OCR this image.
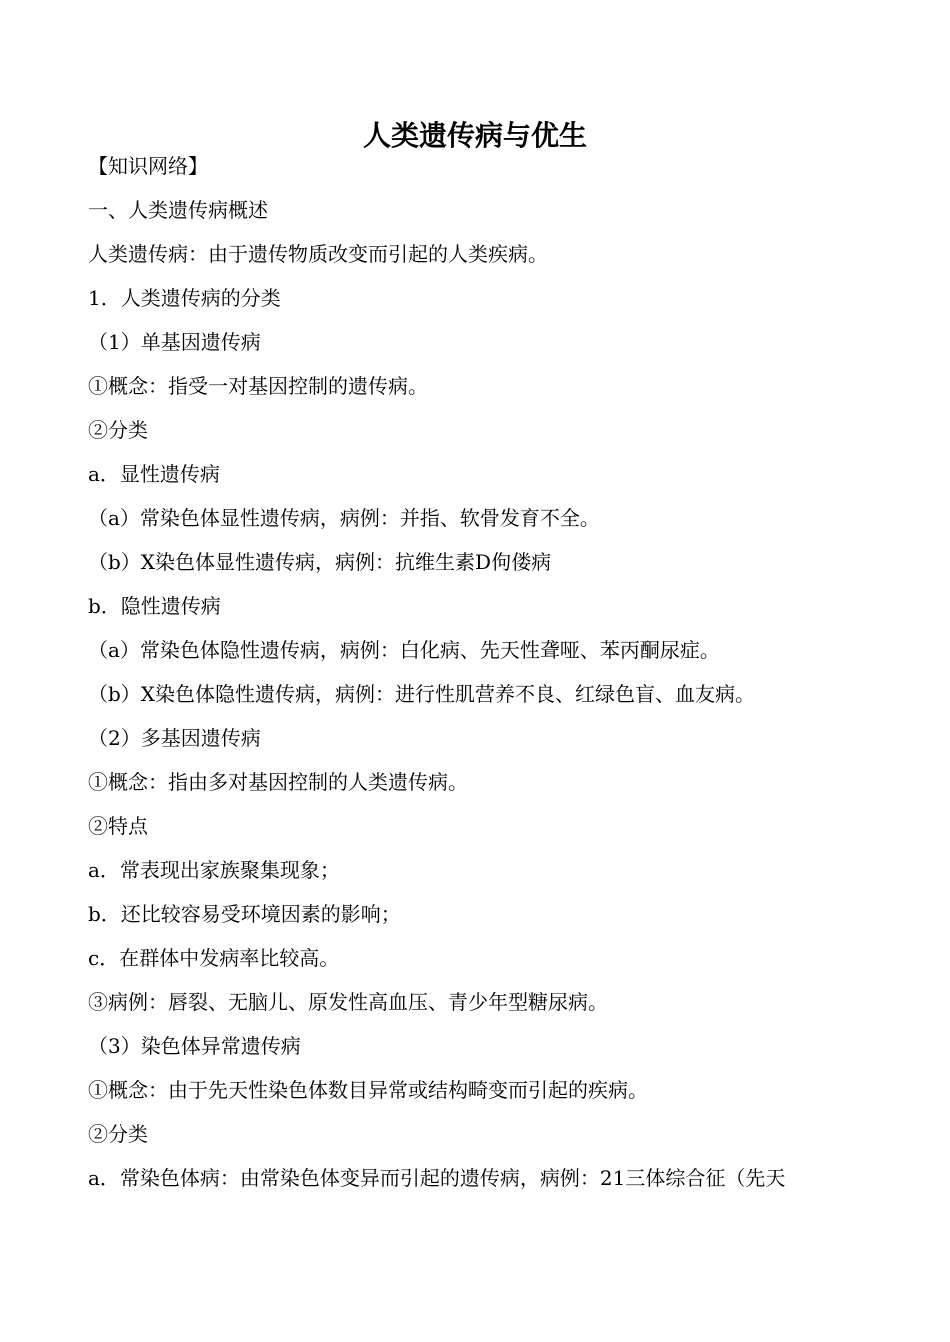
人类遗传病与优生
【知识网络】
一、人类遗传病概述
人类遗传病：由于遗传物质改变而引起的人类疾病。
1．人类遗传病的分类
（1）单基因遗传病
①概念：指受一对基因控制的遗传病。
②分类
a．显性遗传病
（a）常染色体显性遗传病，病例：并指、软骨发育不全。
（b）X染色体显性遗传病，病例：抗维生素D佝偻病
b．隐性遗传病
（a）常染色体隐性遗传病，病例：白化病、先天性聋哑、苯丙酮尿症。
（b）X染色体隐性遗传病，病例：进行性肌营养不良、红绿色盲、血友病。
（2）多基因遗传病
①概念：指由多对基因控制的人类遗传病。
②特点
a．常表现出家族聚集现象；
b．还比较容易受环境因素的影响；
c．在群体中发病率比较高。
③病例：唇裂、无脑儿、原发性高血压、青少年型糖尿病。
（3）染色体异常遗传病
①概念：由于先天性染色体数目异常或结构畸变而引起的疾病。
②分类
a．常染色体病：由常染色体变异而引起的遗传病，病例：21三体综合征（先天
